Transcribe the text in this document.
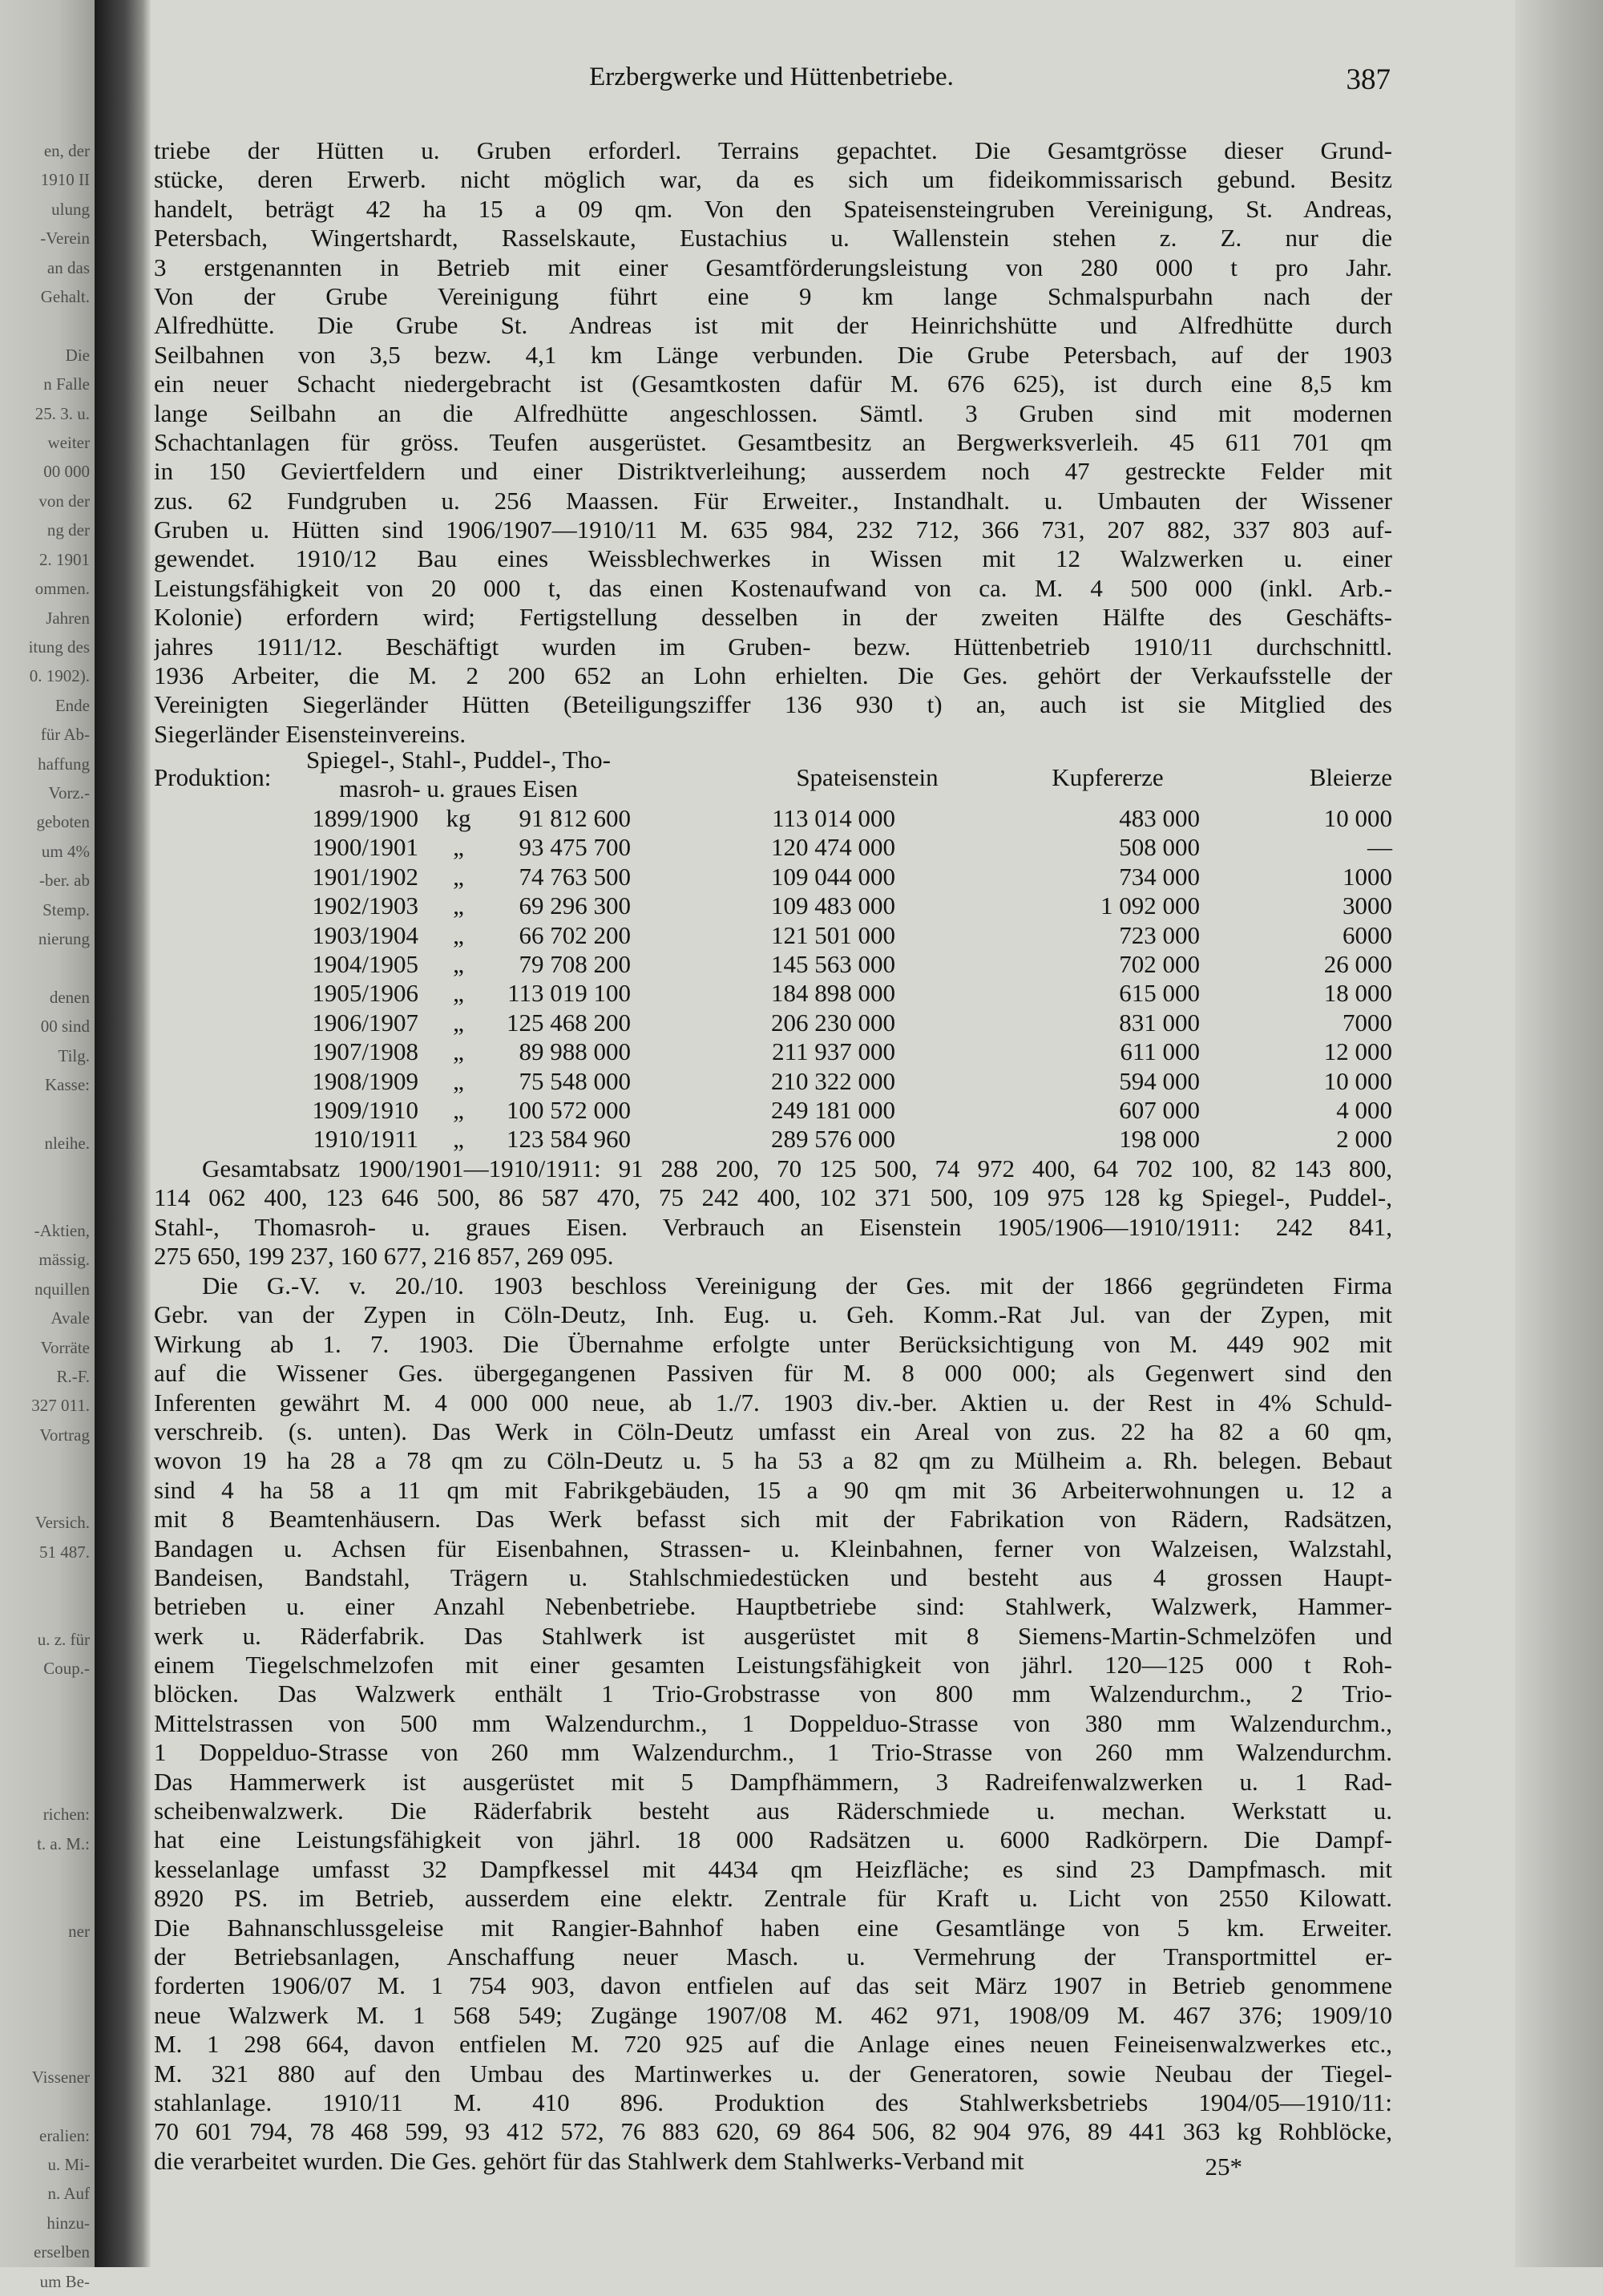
en, der
1910 II
ulung
-Verein
an das
Gehalt.

Die
n Falle
25. 3. u.
weiter
00 000
von der
ng der
2. 1901
ommen.
Jahren
itung des
0. 1902).
Ende
für Ab-
haffung
Vorz.-
geboten
um 4%
-ber. ab
Stemp.
nierung

denen
00 sind
Tilg.
Kasse:

nleihe.

-Aktien,
mässig.
nquillen
Avale
Vorräte
R.-F.
327 011.
Vortrag

Versich.
51 487.

u. z. für
Coup.-

richen:
t. a. M.:

ner

Vissener

eralien:
u. Mi-
n. Auf
hinzu-
erselben
um Be-
Erzbergwerke und Hüttenbetriebe.	387
triebe der Hütten u. Gruben erforderl. Terrains gepachtet. Die Gesamtgrösse dieser Grund-
stücke, deren Erwerb. nicht möglich war, da es sich um fideikommissarisch gebund. Besitz
handelt, beträgt 42 ha 15 a 09 qm. Von den Spateisensteingruben Vereinigung, St. Andreas,
Petersbach, Wingertshardt, Rasselskaute, Eustachius u. Wallenstein stehen z. Z. nur die
3 erstgenannten in Betrieb mit einer Gesamtförderungsleistung von 280 000 t pro Jahr.
Von der Grube Vereinigung führt eine 9 km lange Schmalspurbahn nach der
Alfredhütte. Die Grube St. Andreas ist mit der Heinrichshütte und Alfredhütte durch
Seilbahnen von 3,5 bezw. 4,1 km Länge verbunden. Die Grube Petersbach, auf der 1903
ein neuer Schacht niedergebracht ist (Gesamtkosten dafür M. 676 625), ist durch eine 8,5 km
lange Seilbahn an die Alfredhütte angeschlossen. Sämtl. 3 Gruben sind mit modernen
Schachtanlagen für gröss. Teufen ausgerüstet. Gesamtbesitz an Bergwerksverleih. 45 611 701 qm
in 150 Geviertfeldern und einer Distriktverleihung; ausserdem noch 47 gestreckte Felder mit
zus. 62 Fundgruben u. 256 Maassen. Für Erweiter., Instandhalt. u. Umbauten der Wissener
Gruben u. Hütten sind 1906/1907—1910/11 M. 635 984, 232 712, 366 731, 207 882, 337 803 auf-
gewendet. 1910/12 Bau eines Weissblechwerkes in Wissen mit 12 Walzwerken u. einer
Leistungsfähigkeit von 20 000 t, das einen Kostenaufwand von ca. M. 4 500 000 (inkl. Arb.-
Kolonie) erfordern wird; Fertigstellung desselben in der zweiten Hälfte des Geschäfts-
jahres 1911/12. Beschäftigt wurden im Gruben- bezw. Hüttenbetrieb 1910/11 durchschnittl.
1936 Arbeiter, die M. 2 200 652 an Lohn erhielten. Die Ges. gehört der Verkaufsstelle der
Vereinigten Siegerländer Hütten (Beteiligungsziffer 136 930 t) an, auch ist sie Mitglied des
Siegerländer Eisensteinvereins.
Produktion:
Spiegel-, Stahl-, Puddel-, Tho-
masroh- u. graues Eisen	Spateisenstein	Kupfererze	Bleierze
1899/1900	kg	91 812 600	113 014 000	483 000	10 000
1900/1901	„	93 475 700	120 474 000	508 000	—
1901/1902	„	74 763 500	109 044 000	734 000	1000
1902/1903	„	69 296 300	109 483 000	1 092 000	3000
1903/1904	„	66 702 200	121 501 000	723 000	6000
1904/1905	„	79 708 200	145 563 000	702 000	26 000
1905/1906	„	113 019 100	184 898 000	615 000	18 000
1906/1907	„	125 468 200	206 230 000	831 000	7000
1907/1908	„	89 988 000	211 937 000	611 000	12 000
1908/1909	„	75 548 000	210 322 000	594 000	10 000
1909/1910	„	100 572 000	249 181 000	607 000	4 000
1910/1911	„	123 584 960	289 576 000	198 000	2 000
Gesamtabsatz 1900/1901—1910/1911: 91 288 200, 70 125 500, 74 972 400, 64 702 100, 82 143 800,
114 062 400, 123 646 500, 86 587 470, 75 242 400, 102 371 500, 109 975 128 kg Spiegel-, Puddel-,
Stahl-, Thomasroh- u. graues Eisen. Verbrauch an Eisenstein 1905/1906—1910/1911: 242 841,
275 650, 199 237, 160 677, 216 857, 269 095.
Die G.-V. v. 20./10. 1903 beschloss Vereinigung der Ges. mit der 1866 gegründeten Firma
Gebr. van der Zypen in Cöln-Deutz, Inh. Eug. u. Geh. Komm.-Rat Jul. van der Zypen, mit
Wirkung ab 1. 7. 1903. Die Übernahme erfolgte unter Berücksichtigung von M. 449 902 mit
auf die Wissener Ges. übergegangenen Passiven für M. 8 000 000; als Gegenwert sind den
Inferenten gewährt M. 4 000 000 neue, ab 1./7. 1903 div.-ber. Aktien u. der Rest in 4% Schuld-
verschreib. (s. unten). Das Werk in Cöln-Deutz umfasst ein Areal von zus. 22 ha 82 a 60 qm,
wovon 19 ha 28 a 78 qm zu Cöln-Deutz u. 5 ha 53 a 82 qm zu Mülheim a. Rh. belegen. Bebaut
sind 4 ha 58 a 11 qm mit Fabrikgebäuden, 15 a 90 qm mit 36 Arbeiterwohnungen u. 12 a
mit 8 Beamtenhäusern. Das Werk befasst sich mit der Fabrikation von Rädern, Radsätzen,
Bandagen u. Achsen für Eisenbahnen, Strassen- u. Kleinbahnen, ferner von Walzeisen, Walzstahl,
Bandeisen, Bandstahl, Trägern u. Stahlschmiedestücken und besteht aus 4 grossen Haupt-
betrieben u. einer Anzahl Nebenbetriebe. Hauptbetriebe sind: Stahlwerk, Walzwerk, Hammer-
werk u. Räderfabrik. Das Stahlwerk ist ausgerüstet mit 8 Siemens-Martin-Schmelzöfen und
einem Tiegelschmelzofen mit einer gesamten Leistungsfähigkeit von jährl. 120—125 000 t Roh-
blöcken. Das Walzwerk enthält 1 Trio-Grobstrasse von 800 mm Walzendurchm., 2 Trio-
Mittelstrassen von 500 mm Walzendurchm., 1 Doppelduo-Strasse von 380 mm Walzendurchm.,
1 Doppelduo-Strasse von 260 mm Walzendurchm., 1 Trio-Strasse von 260 mm Walzendurchm.
Das Hammerwerk ist ausgerüstet mit 5 Dampfhämmern, 3 Radreifenwalzwerken u. 1 Rad-
scheibenwalzwerk. Die Räderfabrik besteht aus Räderschmiede u. mechan. Werkstatt u.
hat eine Leistungsfähigkeit von jährl. 18 000 Radsätzen u. 6000 Radkörpern. Die Dampf-
kesselanlage umfasst 32 Dampfkessel mit 4434 qm Heizfläche; es sind 23 Dampfmasch. mit
8920 PS. im Betrieb, ausserdem eine elektr. Zentrale für Kraft u. Licht von 2550 Kilowatt.
Die Bahnanschlussgeleise mit Rangier-Bahnhof haben eine Gesamtlänge von 5 km. Erweiter.
der Betriebsanlagen, Anschaffung neuer Masch. u. Vermehrung der Transportmittel er-
forderten 1906/07 M. 1 754 903, davon entfielen auf das seit März 1907 in Betrieb genommene
neue Walzwerk M. 1 568 549; Zugänge 1907/08 M. 462 971, 1908/09 M. 467 376; 1909/10
M. 1 298 664, davon entfielen M. 720 925 auf die Anlage eines neuen Feineisenwalzwerkes etc.,
M. 321 880 auf den Umbau des Martinwerkes u. der Generatoren, sowie Neubau der Tiegel-
stahlanlage. 1910/11 M. 410 896. Produktion des Stahlwerksbetriebs 1904/05—1910/11:
70 601 794, 78 468 599, 93 412 572, 76 883 620, 69 864 506, 82 904 976, 89 441 363 kg Rohblöcke,
die verarbeitet wurden. Die Ges. gehört für das Stahlwerk dem Stahlwerks-Verband mit	25*
